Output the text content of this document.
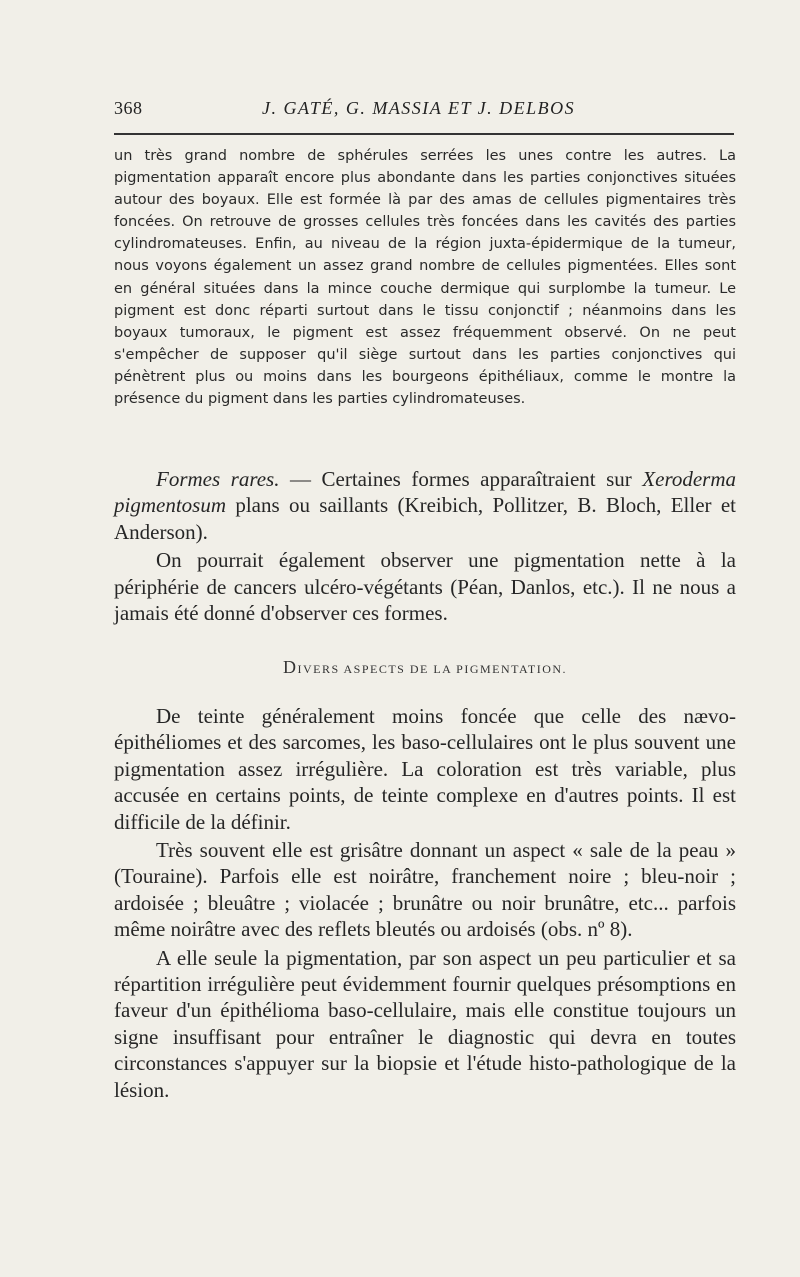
368	J. GATÉ, G. MASSIA ET J. DELBOS

un très grand nombre de sphérules serrées les unes contre les autres. La pigmentation apparaît encore plus abondante dans les parties conjonctives situées autour des boyaux. Elle est formée là par des amas de cellules pigmentaires très foncées. On retrouve de grosses cellules très foncées dans les cavités des parties cylindromateuses. Enfin, au niveau de la région juxta-épidermique de la tumeur, nous voyons également un assez grand nombre de cellules pigmentées. Elles sont en général situées dans la mince couche dermique qui surplombe la tumeur. Le pigment est donc réparti surtout dans le tissu conjonctif ; néanmoins dans les boyaux tumoraux, le pigment est assez fréquemment observé. On ne peut s'empêcher de supposer qu'il siège surtout dans les parties conjonctives qui pénètrent plus ou moins dans les bourgeons épithéliaux, comme le montre la présence du pigment dans les parties cylindromateuses.

Formes rares. — Certaines formes apparaîtraient sur Xeroderma pigmentosum plans ou saillants (Kreibich, Pollitzer, B. Bloch, Eller et Anderson).

On pourrait également observer une pigmentation nette à la périphérie de cancers ulcéro-végétants (Péan, Danlos, etc.). Il ne nous a jamais été donné d'observer ces formes.

DIVERS ASPECTS DE LA PIGMENTATION.

De teinte généralement moins foncée que celle des nævo-épithéliomes et des sarcomes, les baso-cellulaires ont le plus souvent une pigmentation assez irrégulière. La coloration est très variable, plus accusée en certains points, de teinte complexe en d'autres points. Il est difficile de la définir.

Très souvent elle est grisâtre donnant un aspect « sale de la peau » (Touraine). Parfois elle est noirâtre, franchement noire ; bleu-noir ; ardoisée ; bleuâtre ; violacée ; brunâtre ou noir brunâtre, etc... parfois même noirâtre avec des reflets bleutés ou ardoisés (obs. nº 8).

A elle seule la pigmentation, par son aspect un peu particulier et sa répartition irrégulière peut évidemment fournir quelques présomptions en faveur d'un épithélioma baso-cellulaire, mais elle constitue toujours un signe insuffisant pour entraîner le diagnostic qui devra en toutes circonstances s'appuyer sur la biopsie et l'étude histo-pathologique de la lésion.
